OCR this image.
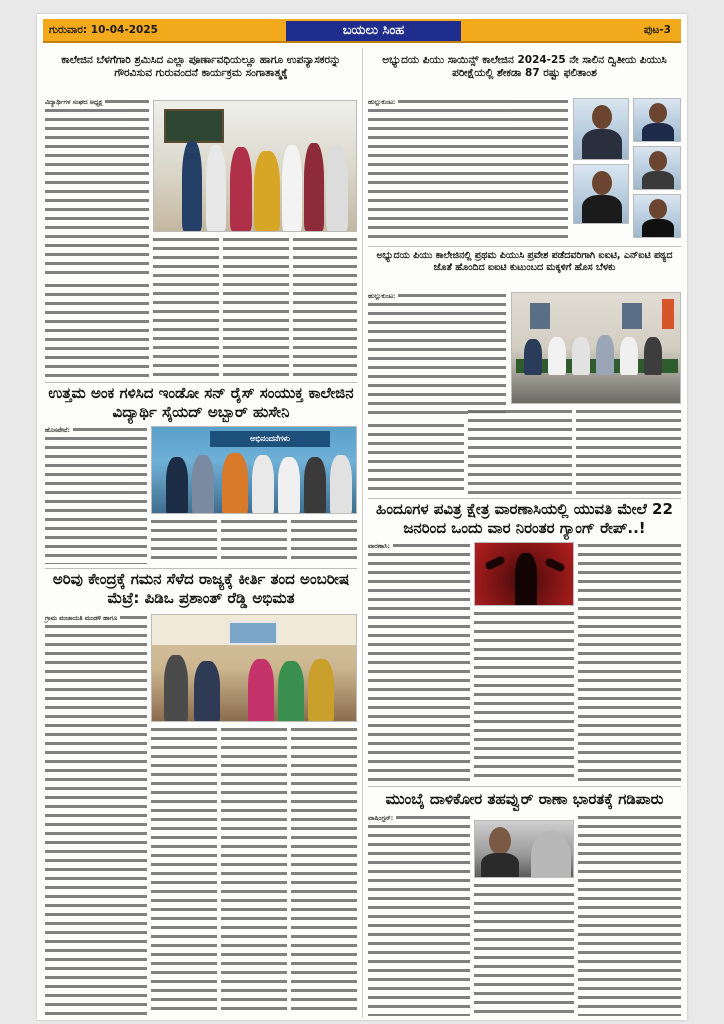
ಗುರುವಾರ: 10-04-2025	ಬಯಲು ಸಿಂಹ	ಪುಟ-3
ಕಾಲೇಜಿನ ಬೆಳಗೆಗಾರಿ ಶ್ರಮಿಸಿದ ಎಲ್ಲಾ ಪೂರ್ಣಾವಧಿಯಲ್ಲೂ ಹಾಗೂ ಉಪನ್ಯಾಸಕರನ್ನು ಗೌರವಿಸುವ ಗುರುವಂದನೆ ಕಾರ್ಯಕ್ರಮ ಸಂಗಾತಾತ್ಮಕ್ಕೆ
ವಿದ್ಯಾರ್ಥಿಗಳ ಸಂಘದ ಅಧ್ಯಕ್ಷ
ಉತ್ತಮ ಅಂಕ ಗಳಿಸಿದ ಇಂಡೋ ಸನ್ ರೈಸ್ ಸಂಯುಕ್ತ ಕಾಲೇಜಿನ ವಿದ್ಯಾರ್ಥಿ ಸೈಯದ್ ಅಬ್ಬಾರ್ ಹುಸೇನಿ
ಹೊಸಪೇಟೆ:
ಅಭಿನಂದನೆಗಳು
ಅರಿವು ಕೇಂದ್ರಕ್ಕೆ ಗಮನ ಸೆಳೆದ ರಾಜ್ಯಕ್ಕೆ ಕೀರ್ತಿ ತಂದ ಅಂಬರೀಷ ಮೆಟ್ರೆ: ಪಿಡಿಒ ಪ್ರಶಾಂತ್ ರೆಡ್ಡಿ ಅಭಿಮತ
ಗ್ರಾಮ ಪಂಚಾಯತಿ ಮಂಡಳಿ ಹಾಗೂ
ಅಭ್ಯುದಯ ಪಿಯು ಸಾಯಿನ್ಸ್ ಕಾಲೇಜಿನ 2024-25 ನೇ ಸಾಲಿನ ದ್ವಿತೀಯ ಪಿಯುಸಿ ಪರೀಕ್ಷೆಯಲ್ಲಿ ಶೇಕಡಾ 87 ರಷ್ಟು ಫಲಿತಾಂಶ
ಹುಲ್ಲುಕುಂಟ:
ಅಭ್ಯುದಯ ಪಿಯು ಕಾಲೇಜಿನಲ್ಲಿ ಪ್ರಥಮ ಪಿಯುಸಿ ಪ್ರವೇಶ ಪಡೆದವರಿಗಾಗಿ ಐಐಟಿ, ಎನ್‌ಐಟಿ ಪಠ್ಯದ ಜೊತೆ ಹೊಂದಿದ ಐಐಟಿ ಕುಟುಂಬದ ಮಕ್ಕಳಿಗೆ ಹೊಸ ಬೆಳಕು
ಹುಲ್ಲುಕುಂಟ:
ಹಿಂದೂಗಳ ಪವಿತ್ರ ಕ್ಷೇತ್ರ ವಾರಣಾಸಿಯಲ್ಲಿ ಯುವತಿ ಮೇಲೆ 22 ಜನರಿಂದ ಒಂದು ವಾರ ನಿರಂತರ ಗ್ಯಾಂಗ್ ರೇಪ್..!
ವಾರಣಾಸಿ:
ಮುಂಬೈ ದಾಳಿಕೋರ ತಹವ್ವುರ್ ರಾಣಾ ಭಾರತಕ್ಕೆ ಗಡಿಪಾರು
ವಾಷಿಂಗ್ಟನ್:
